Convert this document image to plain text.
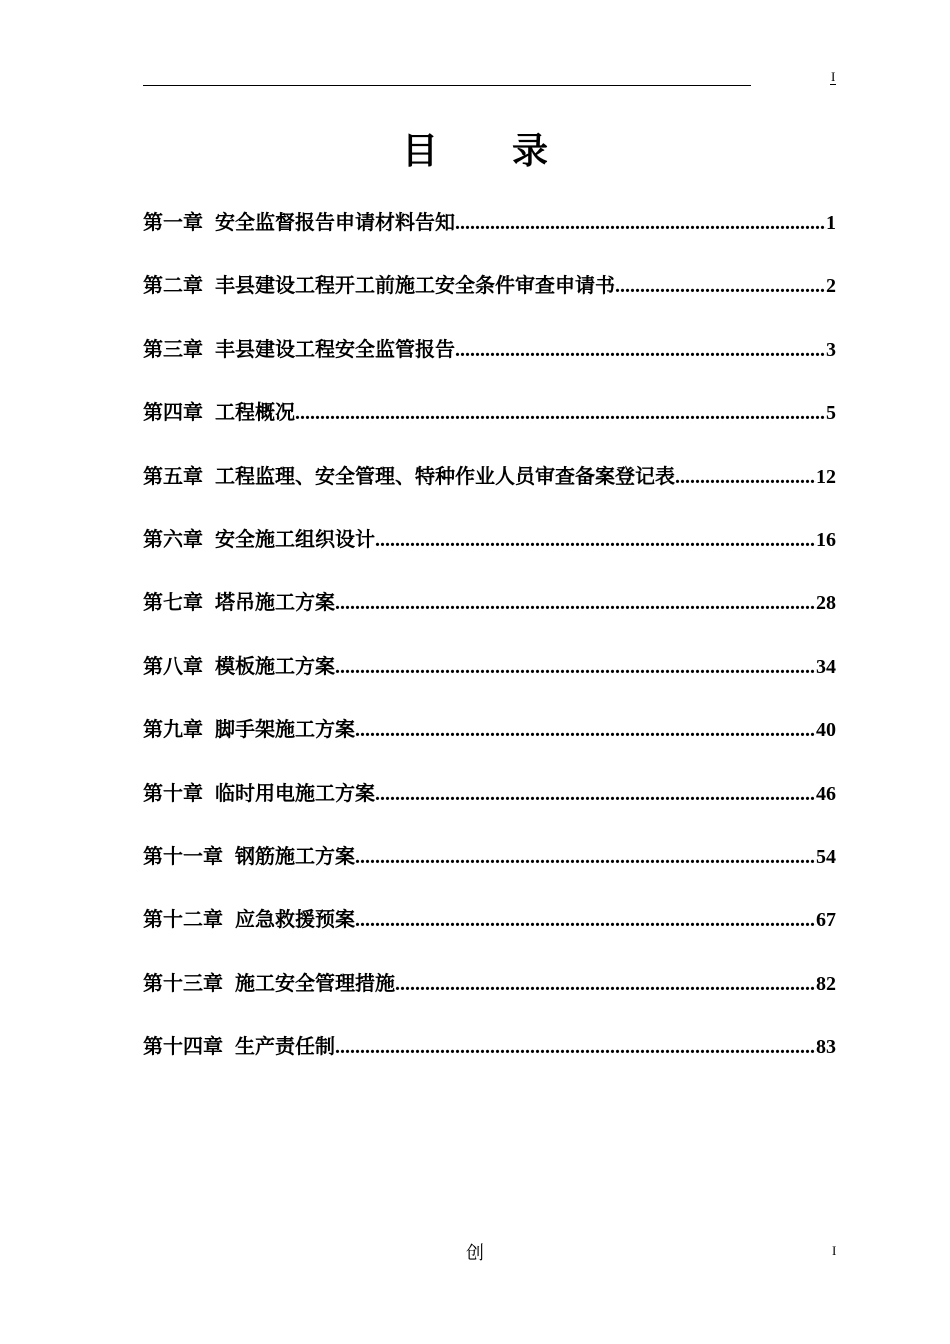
I
目 录
第一章 安全监督报告申请材料告知 .....	1
第二章 丰县建设工程开工前施工安全条件审查申请书 .....	2
第三章 丰县建设工程安全监管报告 .....	3
第四章 工程概况 .....	5
第五章 工程监理、安全管理、特种作业人员审查备案登记表 .....	12
第六章 安全施工组织设计 .....	16
第七章 塔吊施工方案 .....	28
第八章 模板施工方案 .....	34
第九章 脚手架施工方案 .....	40
第十章 临时用电施工方案 .....	46
第十一章 钢筋施工方案 .....	54
第十二章 应急救援预案 .....	67
第十三章 施工安全管理措施 .....	82
第十四章 生产责任制 .....	83
创	I
